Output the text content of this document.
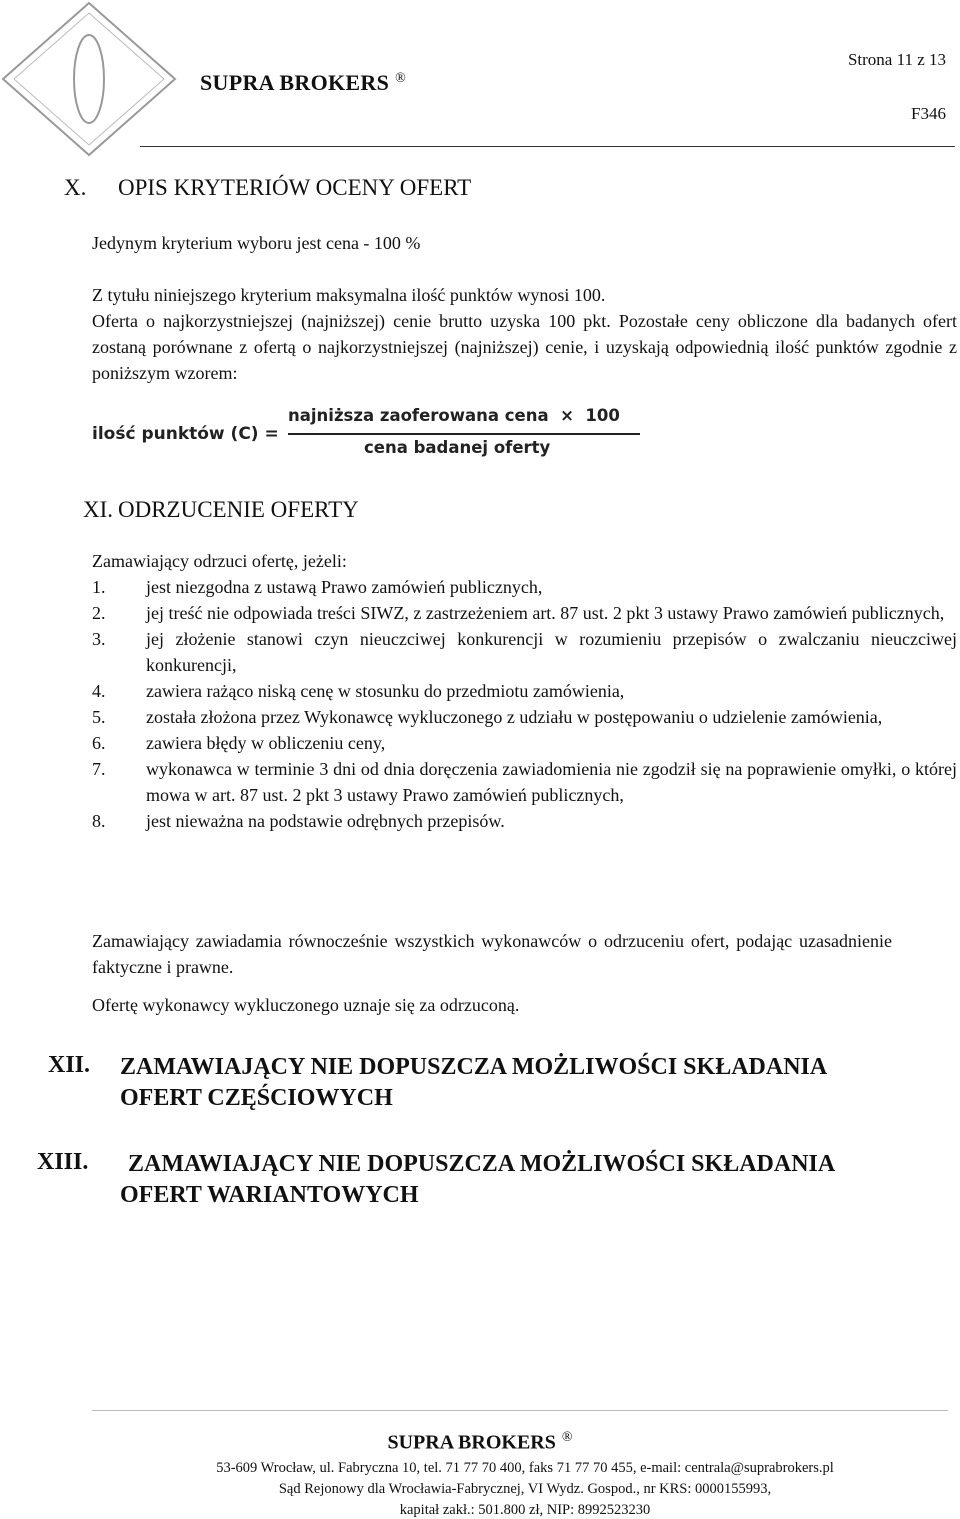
SUPRA BROKERS ®
Strona 11 z 13
F346
X. OPIS KRYTERIÓW OCENY OFERT
Jedynym kryterium wyboru jest cena - 100 %
Z tytułu niniejszego kryterium maksymalna ilość punktów wynosi 100.
Oferta o najkorzystniejszej (najniższej) cenie brutto uzyska 100 pkt. Pozostałe ceny obliczone dla badanych ofert zostaną porównane z ofertą o najkorzystniejszej (najniższej) cenie, i uzyskają odpowiednią ilość punktów zgodnie z poniższym wzorem:
ilość punktów (C) =
najniższa zaoferowana cena  ×  100
cena badanej oferty
XI. ODRZUCENIE OFERTY
Zamawiający odrzuci ofertę, jeżeli:
1.	jest niezgodna z ustawą Prawo zamówień publicznych,
2.	jej treść nie odpowiada treści SIWZ, z zastrzeżeniem art. 87 ust. 2 pkt 3 ustawy Prawo zamówień publicznych,
3.	jej złożenie stanowi czyn nieuczciwej konkurencji w rozumieniu przepisów o zwalczaniu nieuczciwej konkurencji,
4.	zawiera rażąco niską cenę w stosunku do przedmiotu zamówienia,
5.	została złożona przez Wykonawcę wykluczonego z udziału w postępowaniu o udzielenie zamówienia,
6.	zawiera błędy w obliczeniu ceny,
7.	wykonawca w terminie 3 dni od dnia doręczenia zawiadomienia nie zgodził się na poprawienie omyłki, o której mowa w art. 87 ust. 2 pkt 3 ustawy Prawo zamówień publicznych,
8.	jest nieważna na podstawie odrębnych przepisów.
Zamawiający zawiadamia równocześnie wszystkich wykonawców o odrzuceniu ofert, podając uzasadnienie faktyczne i prawne.
Ofertę wykonawcy wykluczonego uznaje się za odrzuconą.
XII. ZAMAWIAJĄCY NIE DOPUSZCZA MOŻLIWOŚCI SKŁADANIA
OFERT CZĘŚCIOWYCH
XIII.	ZAMAWIAJĄCY NIE DOPUSZCZA MOŻLIWOŚCI SKŁADANIA
OFERT WARIANTOWYCH
SUPRA BROKERS ®
53-609 Wrocław, ul. Fabryczna 10, tel. 71 77 70 400, faks 71 77 70 455, e-mail: centrala@suprabrokers.pl
Sąd Rejonowy dla Wrocławia-Fabrycznej, VI Wydz. Gospod., nr KRS: 0000155993,
kapitał zakł.: 501.800 zł, NIP: 8992523230
